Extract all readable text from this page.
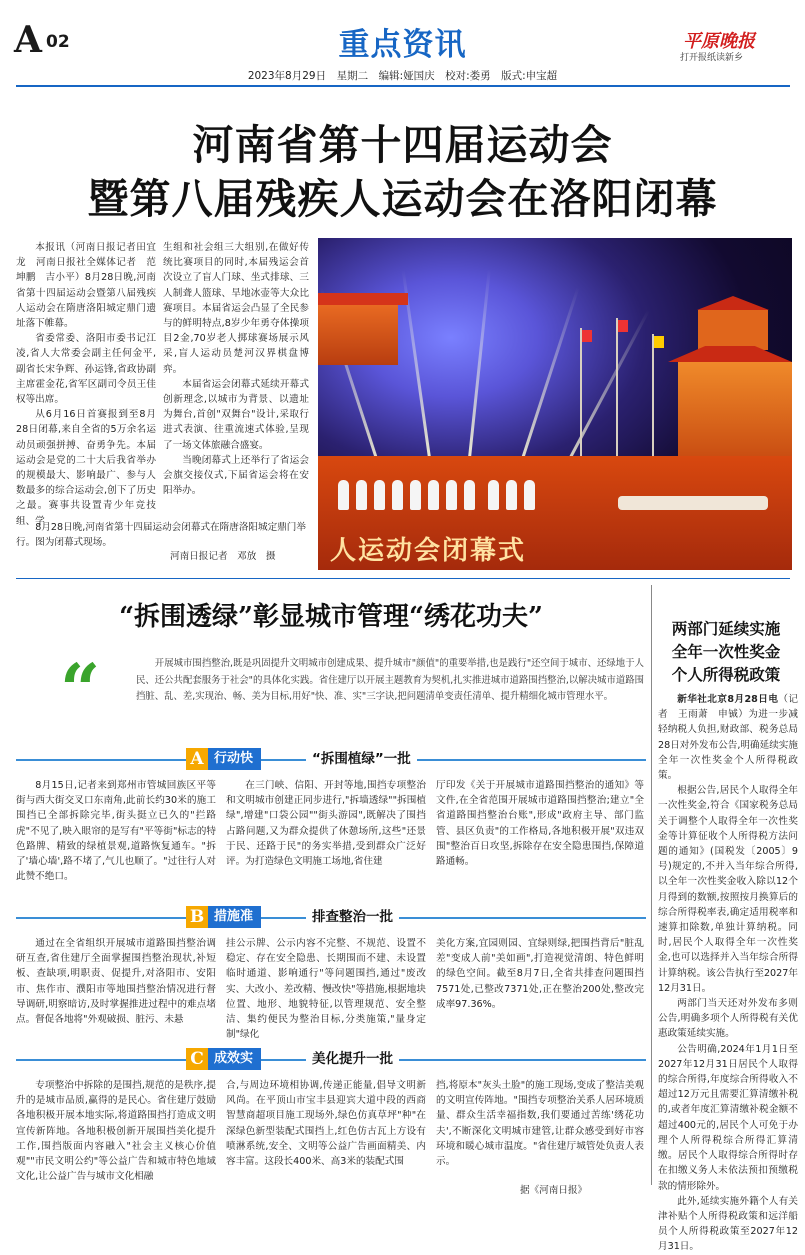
A 02	重点资讯	平原晚报
打开报纸读新乡
2023年8月29日　星期二　编辑:娅国庆　校对:娄勇　版式:申宝超
河南省第十四届运动会
暨第八届残疾人运动会在洛阳闭幕

本报讯（河南日报记者田宜龙　河南日报社全媒体记者　范坤鹏　吉小平）8月28日晚,河南省第十四届运动会暨第八届残疾人运动会在隋唐洛阳城定鼎门遗址落下帷幕。

省委常委、洛阳市委书记江凌,省人大常委会副主任何金平,副省长宋争辉、孙运锋,省政协副主席霍金花,省军区副司令员王佳权等出席。

从6月16日首赛报到至8月28日闭幕,来自全省的5万余名运动员顽强拼搏、奋勇争先。本届运动会是党的二十大后我省举办的规模最大、影响最广、参与人数最多的综合运动会,创下了历史之最。赛事共设置青少年竞技组、学

生组和社会组三大组别,在做好传统比赛项目的同时,本届残运会首次设立了盲人门球、坐式排球、三人制聋人篮球、旱地冰壶等大众比赛项目。本届省运会凸显了全民参与的鲜明特点,8岁少年勇夺体操项目2金,70岁老人掷球赛场展示风采,盲人运动员楚河汉界棋盘博弈。

本届省运会闭幕式延续开幕式创新理念,以城市为背景、以遗址为舞台,首创"双舞台"设计,采取行进式表演、往重流速式体验,呈现了一场文体旅融合盛宴。

当晚闭幕式上还举行了省运会会旗交接仪式,下届省运会将在安阳举办。

人运动会闭幕式

8月28日晚,河南省第十四届运动会闭幕式在隋唐洛阳城定鼎门举行。图为闭幕式现场。

河南日报记者　邓放　摄
“拆围透绿”彰显城市管理“绣花功夫”
“	开展城市围挡整治,既是巩固提升文明城市创建成果、提升城市"颜值"的重要举措,也是践行"还空间于城市、还绿地于人民、还公共配套服务于社会"的具体化实践。省住建厅以开展主题教育为契机,扎实推进城市道路围挡整治,以解决城市道路围挡脏、乱、差,实现治、畅、美为目标,用好"快、准、实"三字诀,把问题清单变责任清单、提升精细化城市管理水平。

A 行动快	“拆围植绿”一批

8月15日,记者来到郑州市管城回族区平等街与西大街交叉口东南角,此前长约30米的施工围挡已全部拆除完毕,街头挺立已久的"拦路虎"不见了,映入眼帘的是写有"平等街"标志的特色路牌、精致的绿植景观,道路恢复通车。"拆了'墙心墙',路不堵了,气儿也顺了。"过往行人对此赞不绝口。

在三门峡、信阳、开封等地,围挡专项整治和文明城市创建正同步进行,"拆墙透绿""拆围植绿",增建"口袋公园""街头游园",既解决了围挡占路问题,又为群众提供了休憩场所,这些"还景于民、还路于民"的务实举措,受到群众广泛好评。为打造绿色文明施工场地,省住建

厅印发《关于开展城市道路围挡整治的通知》等文件,在全省范围开展城市道路围挡整治;建立"全省道路围挡整治台账",形成"政府主导、部门监管、县区负责"的工作格局,各地积极开展"双违双围"整治百日攻坚,拆除存在安全隐患围挡,保障道路通畅。

B 措施准	排查整治一批

通过在全省组织开展城市道路围挡整治调研互查,省住建厅全面掌握围挡整治现状,补短板、查缺项,明职责、促提升,对洛阳市、安阳市、焦作市、濮阳市等地围挡整治情况进行督导调研,明察暗访,及时掌握推进过程中的难点堵点。督促各地将"外观破损、脏污、未悬

挂公示牌、公示内容不完整、不规范、设置不稳定、存在安全隐患、长期围而不建、未设置临时通道、影响通行"等问题围挡,通过"废改实、大改小、差改精、慢改快"等措施,根据地块位置、地形、地貌特征,以管理规范、安全整洁、集约便民为整治目标,分类施策,"量身定制"绿化

美化方案,宜园则园、宜绿则绿,把围挡背后"脏乱差"变成人前"美如画",打造视觉清朗、特色鲜明的绿色空间。截至8月7日,全省共排查问题围挡7571处,已整改7371处,正在整治200处,整改完成率97.36%。

C 成效实	美化提升一批

专项整治中拆除的是围挡,规范的是秩序,提升的是城市品质,赢得的是民心。省住建厅鼓励各地积极开展本地实际,将道路围挡打造成文明宣传新阵地。各地积极创新开展围挡美化提升工作,围挡版面内容融入"社会主义核心价值观""市民文明公约"等公益广告和城市特色地域文化,让公益广告与城市文化相融

合,与周边环境相协调,传递正能量,倡导文明新风尚。在平顶山市宝丰县迎宾大道中段的西商智慧商超项目施工现场外,绿色仿真草坪"种"在深绿色新型装配式围挡上,红色仿古瓦上方设有喷淋系统,安全、文明等公益广告画面精美、内容丰富。这段长400米、高3米的装配式围

挡,将原本"灰头土脸"的施工现场,变成了整洁美观的文明宣传阵地。"围挡专项整治关系人居环境质量、群众生活幸福指数,我们要通过苦练'绣花功夫',不断深化文明城市建管,让群众感受到好市容环境和暖心城市温度。"省住建厅城管处负责人表示。

据《河南日报》
两部门延续实施
全年一次性奖金
个人所得税政策

新华社北京8月28日电（记者　王雨萧　申铖）为进一步减轻纳税人负担,财政部、税务总局28日对外发布公告,明确延续实施全年一次性奖金个人所得税政策。

根据公告,居民个人取得全年一次性奖金,符合《国家税务总局关于调整个人取得全年一次性奖金等计算征收个人所得税方法问题的通知》(国税发〔2005〕9号)规定的,不并入当年综合所得,以全年一次性奖金收入除以12个月得到的数额,按照按月换算后的综合所得税率表,确定适用税率和速算扣除数,单独计算纳税。同时,居民个人取得全年一次性奖金,也可以选择并入当年综合所得计算纳税。该公告执行至2027年12月31日。

两部门当天还对外发布多则公告,明确多项个人所得税有关优惠政策延续实施。

公告明确,2024年1月1日至2027年12月31日居民个人取得的综合所得,年度综合所得收入不超过12万元且需要汇算清缴补税的,或者年度汇算清缴补税金额不超过400元的,居民个人可免于办理个人所得税综合所得汇算清缴。居民个人取得综合所得时存在扣缴义务人未依法预扣预缴税款的情形除外。

此外,延续实施外籍个人有关津补贴个人所得税政策和远洋船员个人所得税政策至2027年12月31日。
